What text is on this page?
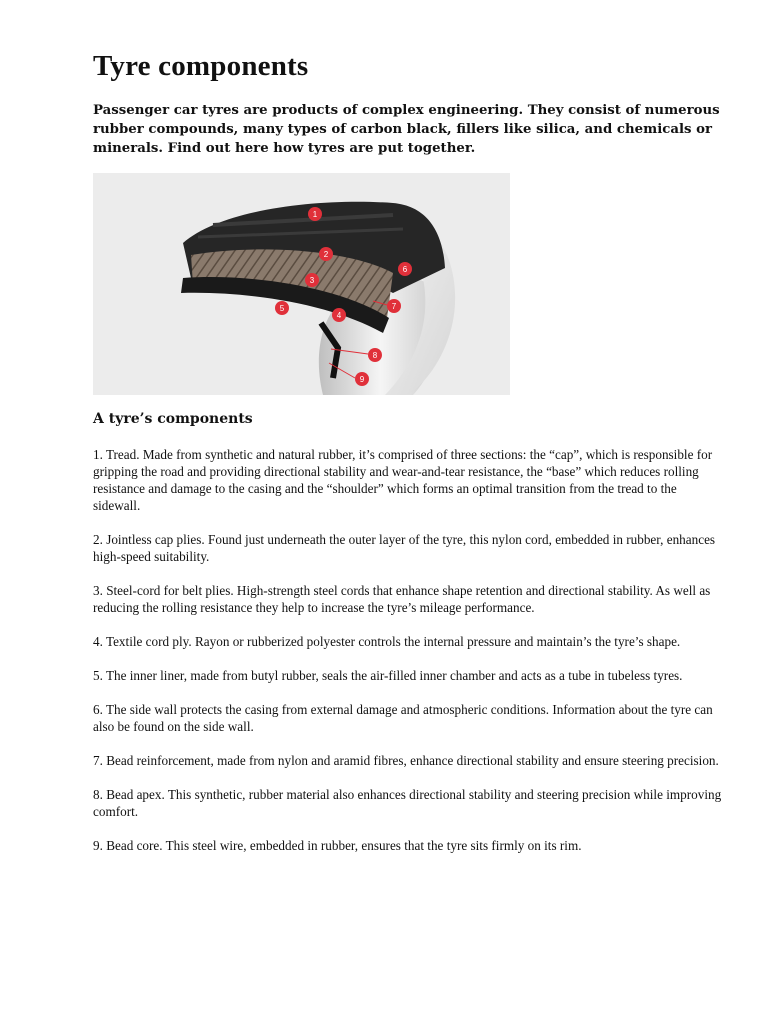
Tyre components

Passenger car tyres are products of complex engineering. They consist of numerous rubber compounds, many types of carbon black, fillers like silica, and chemicals or minerals. Find out here how tyres are put together.

1
2
3
4
5
6
7
8
9
A tyre’s components

1. Tread. Made from synthetic and natural rubber, it’s comprised of three sections: the “cap”, which is responsible for gripping the road and providing directional stability and wear-and-tear resistance, the “base” which reduces rolling resistance and damage to the casing and the “shoulder” which forms an optimal transition from the tread to the sidewall.

2. Jointless cap plies. Found just underneath the outer layer of the tyre, this nylon cord, embedded in rubber, enhances high-speed suitability.

3. Steel-cord for belt plies. High-strength steel cords that enhance shape retention and directional stability. As well as reducing the rolling resistance they help to increase the tyre’s mileage performance.

4. Textile cord ply. Rayon or rubberized polyester controls the internal pressure and maintain’s the tyre’s shape.

5. The inner liner, made from butyl rubber, seals the air-filled inner chamber and acts as a tube in tubeless tyres.

6. The side wall protects the casing from external damage and atmospheric conditions. Information about the tyre can also be found on the side wall.

7. Bead reinforcement, made from nylon and aramid fibres, enhance directional stability and ensure steering precision.

8. Bead apex. This synthetic, rubber material also enhances directional stability and steering precision while improving comfort.

9. Bead core. This steel wire, embedded in rubber, ensures that the tyre sits firmly on its rim.
